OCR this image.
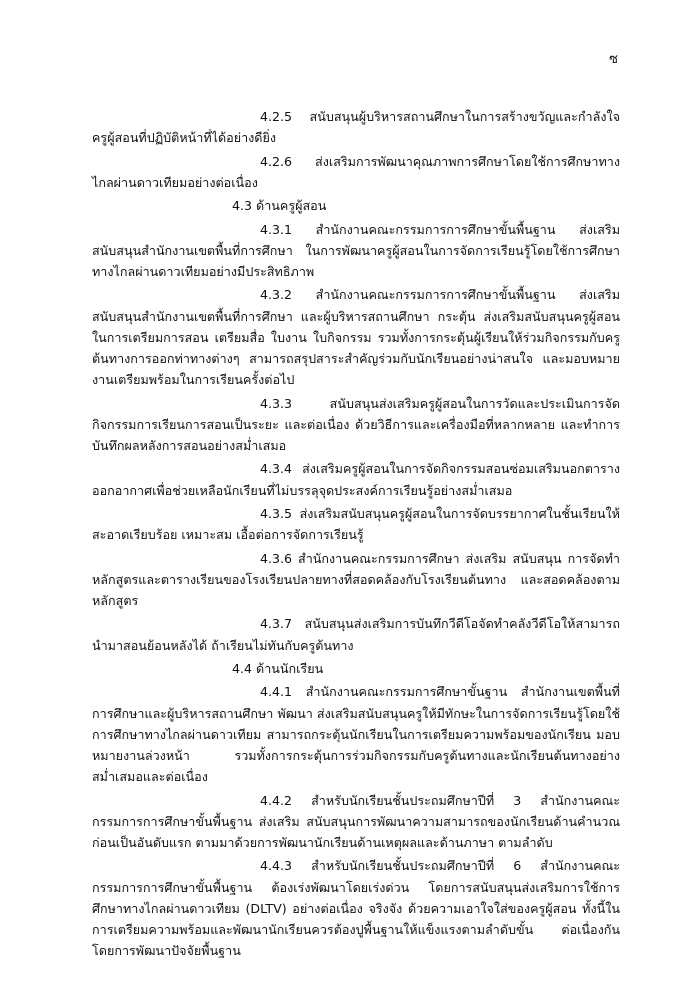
ซ

4.2.5 สนับสนุนผู้บริหารสถานศึกษาในการสร้างขวัญและกำลังใจครูผู้สอนที่ปฏิบัติหน้าที่ได้อย่างดียิ่ง

4.2.6 ส่งเสริมการพัฒนาคุณภาพการศึกษาโดยใช้การศึกษาทางไกลผ่านดาวเทียมอย่างต่อเนื่อง

4.3 ด้านครูผู้สอน

4.3.1 สำนักงานคณะกรรมการการศึกษาขั้นพื้นฐาน ส่งเสริม สนับสนุนสำนักงานเขตพื้นที่การศึกษา ในการพัฒนาครูผู้สอนในการจัดการเรียนรู้โดยใช้การศึกษาทางไกลผ่านดาวเทียมอย่างมีประสิทธิภาพ

4.3.2 สำนักงานคณะกรรมการการศึกษาขั้นพื้นฐาน ส่งเสริม สนับสนุนสำนักงานเขตพื้นที่การศึกษา และผู้บริหารสถานศึกษา กระตุ้น ส่งเสริมสนับสนุนครูผู้สอนในการเตรียมการสอน เตรียมสื่อ ใบงาน ใบกิจกรรม รวมทั้งการกระตุ้นผู้เรียนให้ร่วมกิจกรรมกับครูต้นทางการออกท่าทางต่างๆ สามารถสรุปสาระสำคัญร่วมกับนักเรียนอย่างน่าสนใจ และมอบหมายงานเตรียมพร้อมในการเรียนครั้งต่อไป

4.3.3 สนับสนุนส่งเสริมครูผู้สอนในการวัดและประเมินการจัดกิจกรรมการเรียนการสอนเป็นระยะ และต่อเนื่อง ด้วยวิธีการและเครื่องมือที่หลากหลาย และทำการบันทึกผลหลังการสอนอย่างสม่ำเสมอ

4.3.4 ส่งเสริมครูผู้สอนในการจัดกิจกรรมสอนซ่อมเสริมนอกตารางออกอากาศเพื่อช่วยเหลือนักเรียนที่ไม่บรรลุจุดประสงค์การเรียนรู้อย่างสม่ำเสมอ

4.3.5 ส่งเสริมสนับสนุนครูผู้สอนในการจัดบรรยากาศในชั้นเรียนให้สะอาดเรียบร้อย เหมาะสม เอื้อต่อการจัดการเรียนรู้

4.3.6 สำนักงานคณะกรรมการศึกษา ส่งเสริม สนับสนุน การจัดทำหลักสูตรและตารางเรียนของโรงเรียนปลายทางที่สอดคล้องกับโรงเรียนต้นทาง และสอดคล้องตามหลักสูตร

4.3.7 สนับสนุนส่งเสริมการบันทึกวีดีโอจัดทำคลังวีดีโอให้สามารถนำมาสอนย้อนหลังได้ ถ้าเรียนไม่ทันกับครูต้นทาง

4.4 ด้านนักเรียน

4.4.1 สำนักงานคณะกรรมการศึกษาขั้นฐาน สำนักงานเขตพื้นที่การศึกษาและผู้บริหารสถานศึกษา พัฒนา ส่งเสริมสนับสนุนครูให้มีทักษะในการจัดการเรียนรู้โดยใช้การศึกษาทางไกลผ่านดาวเทียม สามารถกระตุ้นนักเรียนในการเตรียมความพร้อมของนักเรียน มอบหมายงานล่วงหน้า รวมทั้งการกระตุ้นการร่วมกิจกรรมกับครูต้นทางและนักเรียนต้นทางอย่างสม่ำเสมอและต่อเนื่อง

4.4.2 สำหรับนักเรียนชั้นประถมศึกษาปีที่ 3 สำนักงานคณะกรรมการการศึกษาขั้นพื้นฐาน ส่งเสริม สนับสนุนการพัฒนาความสามารถของนักเรียนด้านคำนวณก่อนเป็นอันดับแรก ตามมาด้วยการพัฒนานักเรียนด้านเหตุผลและด้านภาษา ตามลำดับ

4.4.3 สำหรับนักเรียนชั้นประถมศึกษาปีที่ 6 สำนักงานคณะกรรมการการศึกษาขั้นพื้นฐาน ต้องเร่งพัฒนาโดยเร่งด่วน โดยการสนับสนุนส่งเสริมการใช้การศึกษาทางไกลผ่านดาวเทียม (DLTV) อย่างต่อเนื่อง จริงจัง ด้วยความเอาใจใส่ของครูผู้สอน ทั้งนี้ในการเตรียมความพร้อมและพัฒนานักเรียนควรต้องปูพื้นฐานให้แข็งแรงตามลำดับขั้น ต่อเนื่องกัน โดยการพัฒนาปัจจัยพื้นฐาน
